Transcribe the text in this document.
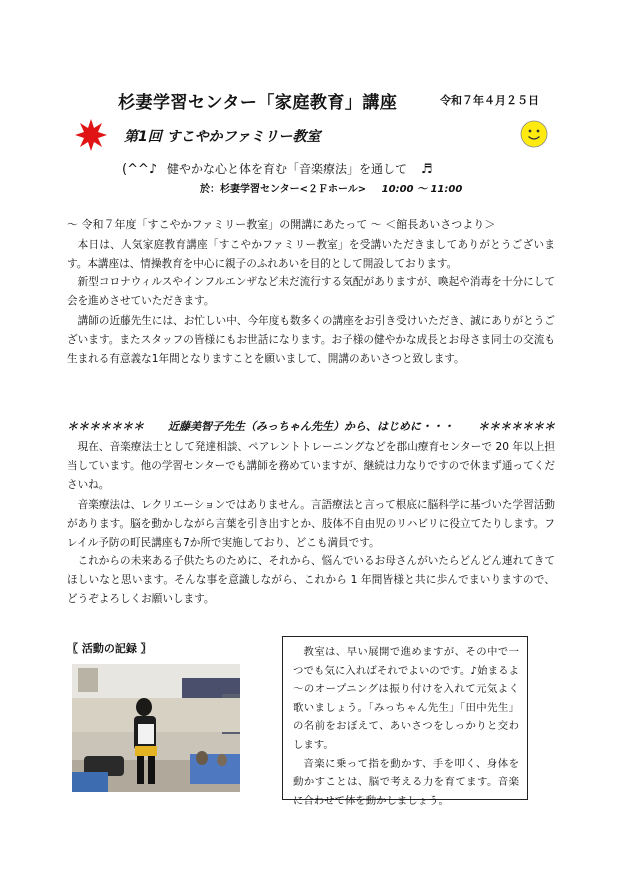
杉妻学習センター「家庭教育」講座	令和７年４月２５日
第1回 すこやかファミリー教室
(^^♪ 健やかな心と体を育む「音楽療法」を通して ♬
於：杉妻学習センター<２Ｆホール> 10:00 ～ 11:00
～ 令和７年度「すこやかファミリー教室」の開講にあたって ～ ＜館長あいさつより＞

本日は、人気家庭教育講座「すこやかファミリー教室」を受講いただきましてありがとうございます。本講座は、情操教育を中心に親子のふれあいを目的として開設しております。

新型コロナウィルスやインフルエンザなど未だ流行する気配がありますが、喚起や消毒を十分にして会を進めさせていただきます。

講師の近藤先生には、お忙しい中、今年度も数多くの講座をお引き受けいただき、誠にありがとうございます。またスタッフの皆様にもお世話になります。お子様の健やかな成長とお母さま同士の交流も生まれる有意義な1年間となりますことを願いまして、開講のあいさつと致します。

＊＊＊＊＊＊＊ 近藤美智子先生（みっちゃん先生）から、はじめに・・・ ＊＊＊＊＊＊＊

現在、音楽療法士として発達相談、ペアレントトレーニングなどを郡山療育センターで 20 年以上担当しています。他の学習センターでも講師を務めていますが、継続は力なりですので休まず通ってくださいね。

音楽療法は、レクリエーションではありません。言語療法と言って根底に脳科学に基づいた学習活動があります。脳を動かしながら言葉を引き出すとか、肢体不自由児のリハビリに役立てたりします。フレイル予防の町民講座も7か所で実施しており、どこも満員です。

これからの未来ある子供たちのために、それから、悩んでいるお母さんがいたらどんどん連れてきてほしいなと思います。そんな事を意識しながら、これから 1 年間皆様と共に歩んでまいりますので、どうぞよろしくお願いします。

〖 活動の記録 〗	教室は、早い展開で進めますが、その中で一つでも気に入ればそれでよいのです。♪始まるよ～のオープニングは振り付けを入れて元気よく歌いましょう。「みっちゃん先生」「田中先生」の名前をおぼえて、あいさつをしっかりと交わします。

音楽に乗って指を動かす、手を叩く、身体を動かすことは、脳で考える力を育てます。音楽に合わせて体を動かしましょう。
